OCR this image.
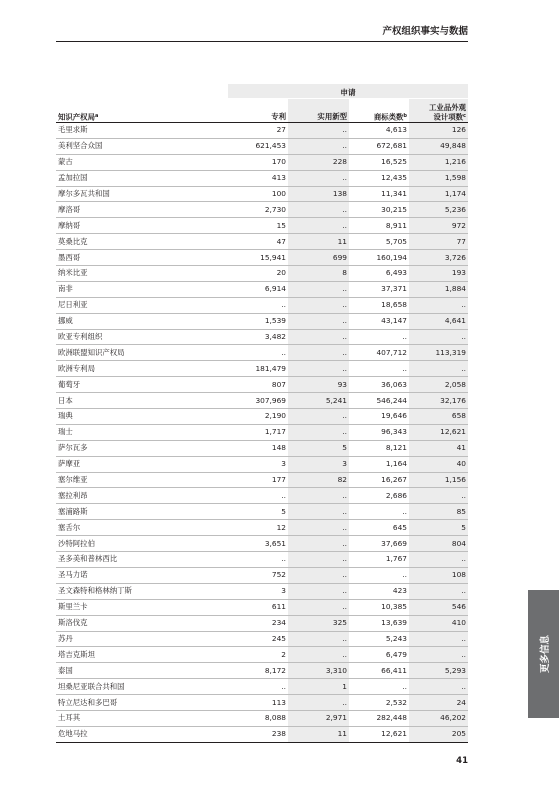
产权组织事实与数据
申请
知识产权局$^a$	专利	实用新型	商标类数$^b$	工业品外观
设计项数$^c$
毛里求斯	27	..	4,613	126
美利坚合众国	621,453	..	672,681	49,848
蒙古	170	228	16,525	1,216
孟加拉国	413	..	12,435	1,598
摩尔多瓦共和国	100	138	11,341	1,174
摩洛哥	2,730	..	30,215	5,236
摩纳哥	15	..	8,911	972
莫桑比克	47	11	5,705	77
墨西哥	15,941	699	160,194	3,726
纳米比亚	20	8	6,493	193
南非	6,914	..	37,371	1,884
尼日利亚	..	..	18,658	..
挪威	1,539	..	43,147	4,641
欧亚专利组织	3,482	..	..	..
欧洲联盟知识产权局	..	..	407,712	113,319
欧洲专利局	181,479	..	..	..
葡萄牙	807	93	36,063	2,058
日本	307,969	5,241	546,244	32,176
瑞典	2,190	..	19,646	658
瑞士	1,717	..	96,343	12,621
萨尔瓦多	148	5	8,121	41
萨摩亚	3	3	1,164	40
塞尔维亚	177	82	16,267	1,156
塞拉利昂	..	..	2,686	..
塞浦路斯	5	..	..	85
塞舌尔	12	..	645	5
沙特阿拉伯	3,651	..	37,669	804
圣多美和普林西比	..	..	1,767	..
圣马力诺	752	..	..	108
圣文森特和格林纳丁斯	3	..	423	..
斯里兰卡	611	..	10,385	546
斯洛伐克	234	325	13,639	410
苏丹	245	..	5,243	..
塔吉克斯坦	2	..	6,479	..
泰国	8,172	3,310	66,411	5,293
坦桑尼亚联合共和国	..	1	..	..
特立尼达和多巴哥	113	..	2,532	24
土耳其	8,088	2,971	282,448	46,202
危地马拉	238	11	12,621	205
更多信息
41
